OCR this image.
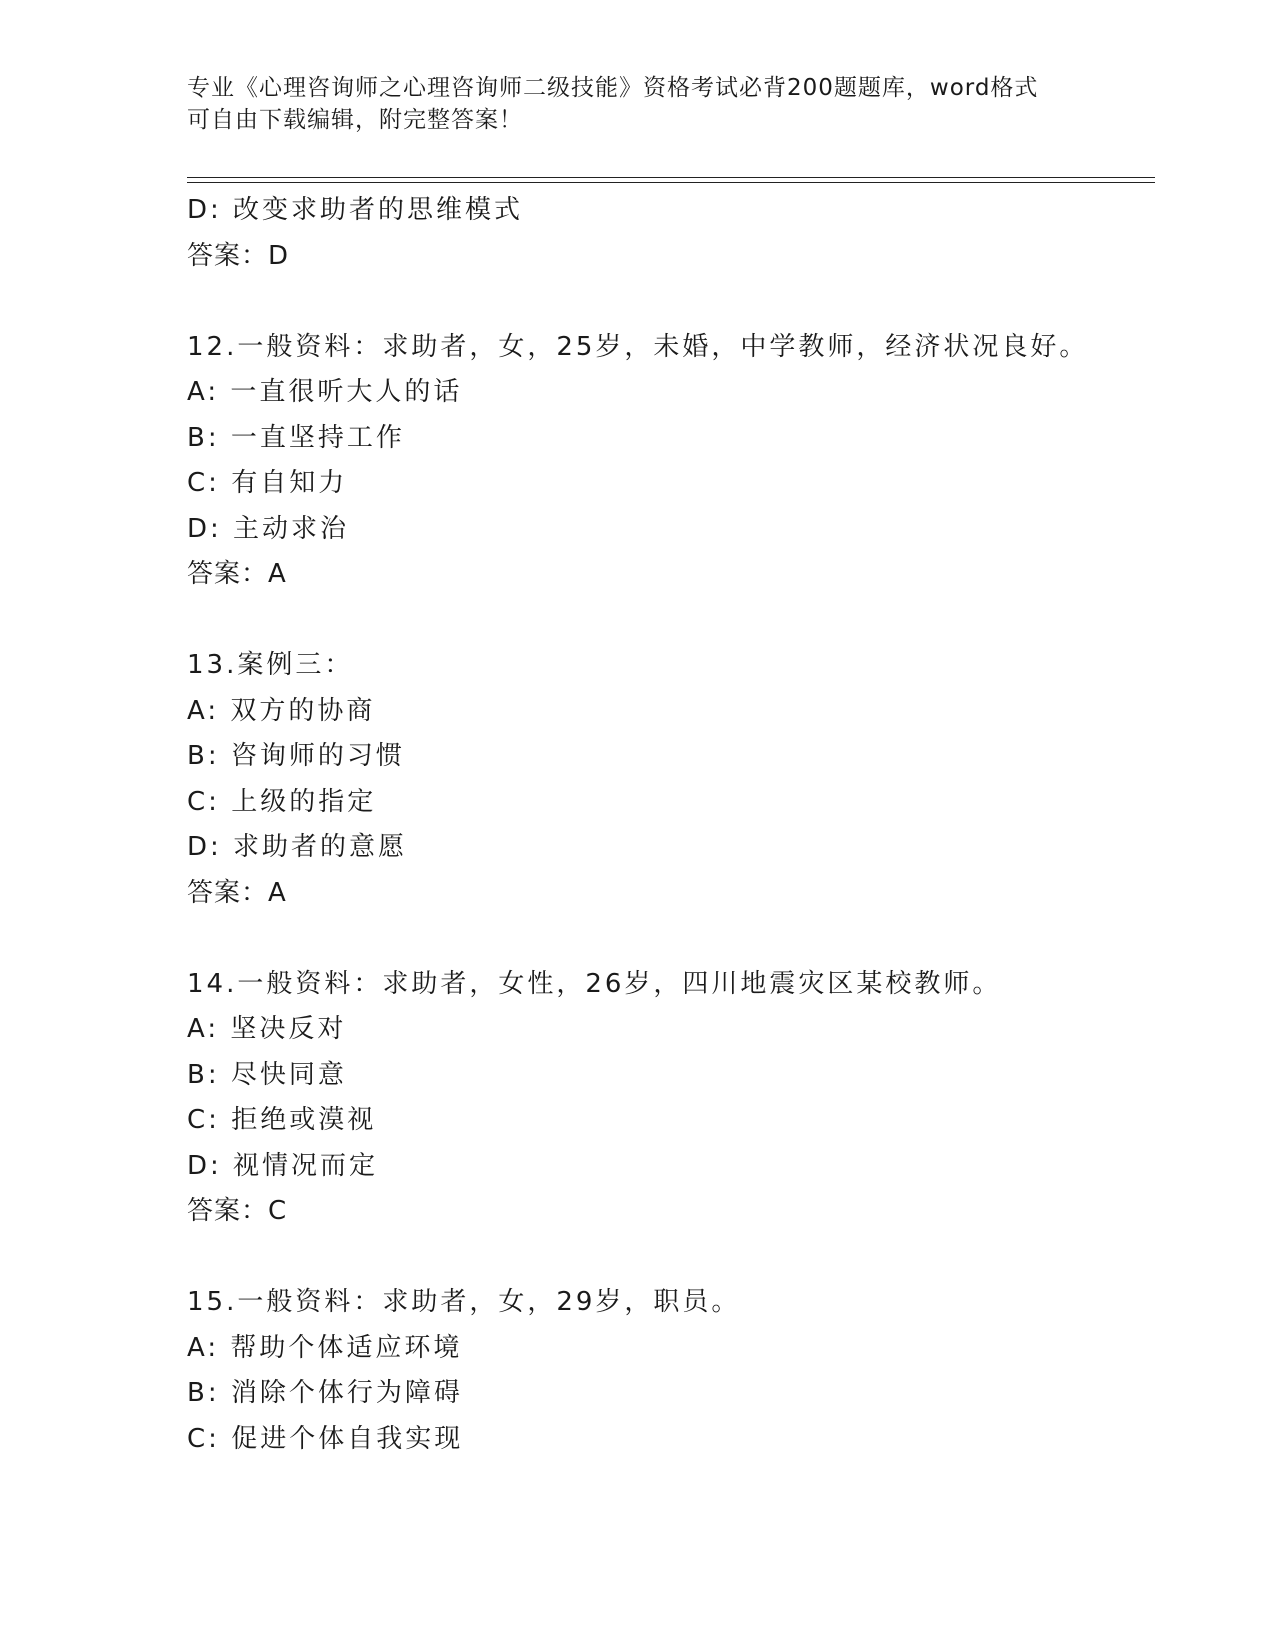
专业《心理咨询师之心理咨询师二级技能》资格考试必背200题题库，word格式
可自由下载编辑，附完整答案！
D: 改变求助者的思维模式
答案：D
12.一般资料：求助者，女，25岁，未婚，中学教师，经济状况良好。
A: 一直很听大人的话
B: 一直坚持工作
C: 有自知力
D: 主动求治
答案：A
13.案例三：
A: 双方的协商
B: 咨询师的习惯
C: 上级的指定
D: 求助者的意愿
答案：A
14.一般资料：求助者，女性，26岁，四川地震灾区某校教师。
A: 坚决反对
B: 尽快同意
C: 拒绝或漠视
D: 视情况而定
答案：C
15.一般资料：求助者，女，29岁，职员。
A: 帮助个体适应环境
B: 消除个体行为障碍
C: 促进个体自我实现
